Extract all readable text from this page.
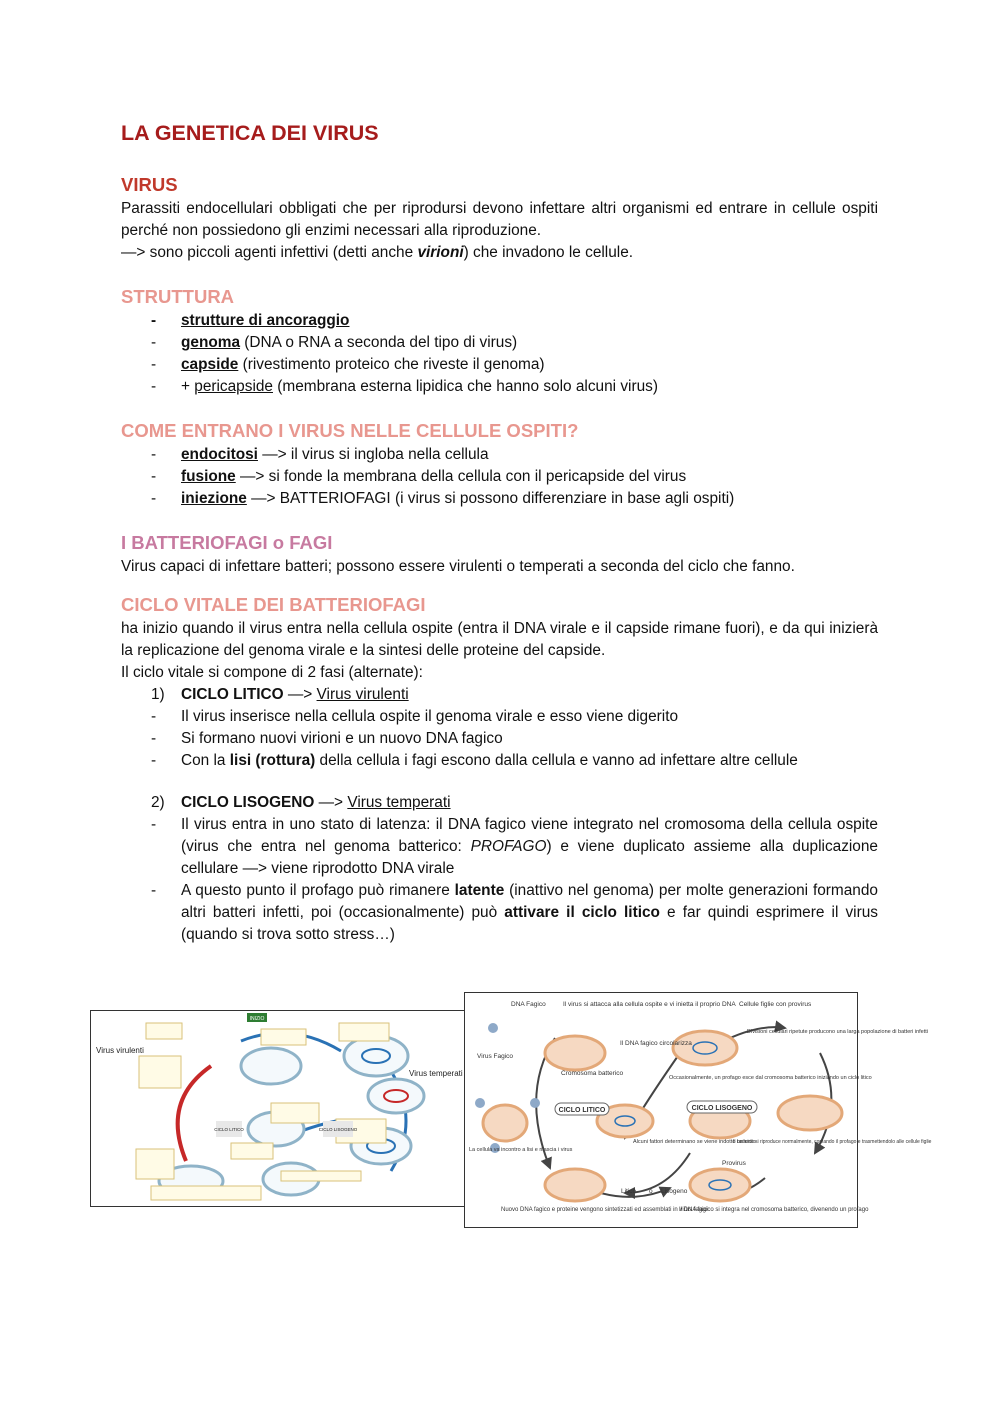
LA GENETICA DEI VIRUS
VIRUS

Parassiti endocellulari obbligati che per riprodursi devono infettare altri organismi ed entrare in cellule ospiti perché non possiedono gli enzimi necessari alla riproduzione.

—> sono piccoli agenti infettivi (detti anche virioni) che invadono le cellule.

STRUTTURA
- strutture di ancoraggio
- genoma (DNA o RNA a seconda del tipo di virus)
- capside (rivestimento proteico che riveste il genoma)
- + pericapside (membrana esterna lipidica che hanno solo alcuni virus)
COME ENTRANO I VIRUS NELLE CELLULE OSPITI?
- endocitosi —> il virus si ingloba nella cellula
- fusione —> si fonde la membrana della cellula con il pericapside del virus
- iniezione —> BATTERIOFAGI (i virus si possono differenziare in base agli ospiti)
I BATTERIOFAGI o FAGI

Virus capaci di infettare batteri; possono essere virulenti o temperati a seconda del ciclo che fanno.

CICLO VITALE DEI BATTERIOFAGI

ha inizio quando il virus entra nella cellula ospite (entra il DNA virale e il capside rimane fuori), e da qui inizierà la replicazione del genoma virale e la sintesi delle proteine del capside.

Il ciclo vitale si compone di 2 fasi (alternate):

1) CICLO LITICO —> Virus virulenti
- Il virus inserisce nella cellula ospite il genoma virale e esso viene digerito
- Si formano nuovi virioni e un nuovo DNA fagico
- Con la lisi (rottura) della cellula i fagi escono dalla cellula e vanno ad infettare altre cellule
2) CICLO LISOGENO —> Virus temperati
- Il virus entra in uno stato di latenza: il DNA fagico viene integrato nel cromosoma della cellula ospite (virus che entra nel genoma batterico: PROFAGO) e viene duplicato assieme alla duplicazione cellulare —> viene riprodotto DNA virale
- A questo punto il profago può rimanere latente (inattivo nel genoma) per molte generazioni formando altri batteri infetti, poi (occasionalmente) può attivare il ciclo litico e far quindi esprimere il virus (quando si trova sotto stress…)
INIZIO
Virus virulenti
Virus temperati
CICLO LITICO	CICLO LISOGENO
DNA Fagico	Il virus si attacca alla cellula ospite e vi inietta il proprio DNA Cellule figlie con provirus
Virus Fagico
Il DNA fagico circolarizza
Divisioni cellulari ripetute producono una larga popolazione di batteri infetti
Cromosoma batterico
Occasionalmente, un profago esce dal cromosoma batterico iniziando un ciclo litico
CICLO LITICO	CICLO LISOGENO
La cellula va incontro a lisi e rilascia i virus
Alcuni fattori determinano se viene indotto un ciclo
Il batterio si riproduce normalmente, copiando il profago e trasmettendolo alle cellule figlie
Litico o Lisogeno
Provirus
Nuovo DNA fagico e proteine vengono sintetizzati ed assemblati in virus fagici
Il DNA fagico si integra nel cromosoma batterico, divenendo un profago
